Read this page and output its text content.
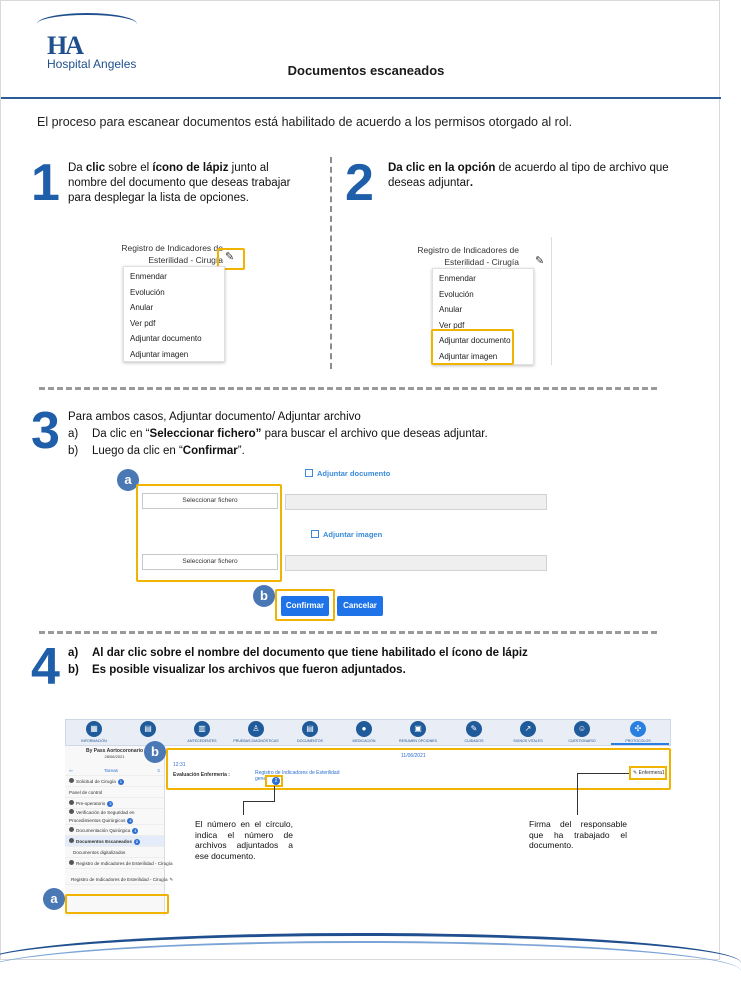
HA
Hospital Angeles	Documentos escaneados
El proceso para escanear documentos está habilitado de acuerdo a los permisos otorgado al rol.
1 Da clic sobre el ícono de lápiz junto al nombre del documento que deseas trabajar para desplegar la lista de opciones.
Registro de Indicadores de
Esterilidad - Cirugía ✎
Enmendar
Evolución
Anular
Ver pdf
Adjuntar documento
Adjuntar imagen
2 Da clic en la opción de acuerdo al tipo de archivo que deseas adjuntar.
Registro de Indicadores de
Esterilidad - Cirugía ✎
Enmendar
Evolución
Anular
Ver pdf
Adjuntar documento
Adjuntar imagen
3 Para ambos casos, Adjuntar documento/ Adjuntar archivo
a) Da clic en “Seleccionar fichero” para buscar el archivo que deseas adjuntar.
b) Luego da clic en “Confirmar”.
a	Adjuntar documento
Seleccionar fichero
Adjuntar imagen
Seleccionar fichero
b
Confirmar	Cancelar
4 a) Al dar clic sobre el nombre del documento que tiene habilitado el ícono de lápiz
b) Es posible visualizar los archivos que fueron adjuntados.
▦
INFORMACIÓN
▤	▥
ANTECEDENTES
♙
PRUEBAS DIAGNÓSTICAS
▤
DOCUMENTOS
●
MEDICACIÓN
▣
RESUMEN OPCIONES
✎
CUIDADOS
↗
SIGNOS VITALES
☺
CUESTIONARIO
✣
PROTOCOLOS
By Pass Aortocoronario
28/06/2021
⇦	Tareas	≡
Solicitud de Cirugía 1
Panel de control
Pre-operatorio 3
Verificación de Seguridad en
Procedimientos Quirúrgicos 4
Documentación Quirúrgica 4
Documentos Escaneados 2
Documentos digitalizados
Registro de Indicadores de Esterilidad - Cirugía
Registro de Indicadores de Esterilidad - Cirugía ✎
a
11/06/2021
b
12:31
Evaluación Enfermería :	Registro de Indicadores de Esterilidad
gene	2
✎ Enfermera1
El número en el círculo, indica el número de archivos adjuntados a ese documento.
Firma del responsable que ha trabajado el documento.
